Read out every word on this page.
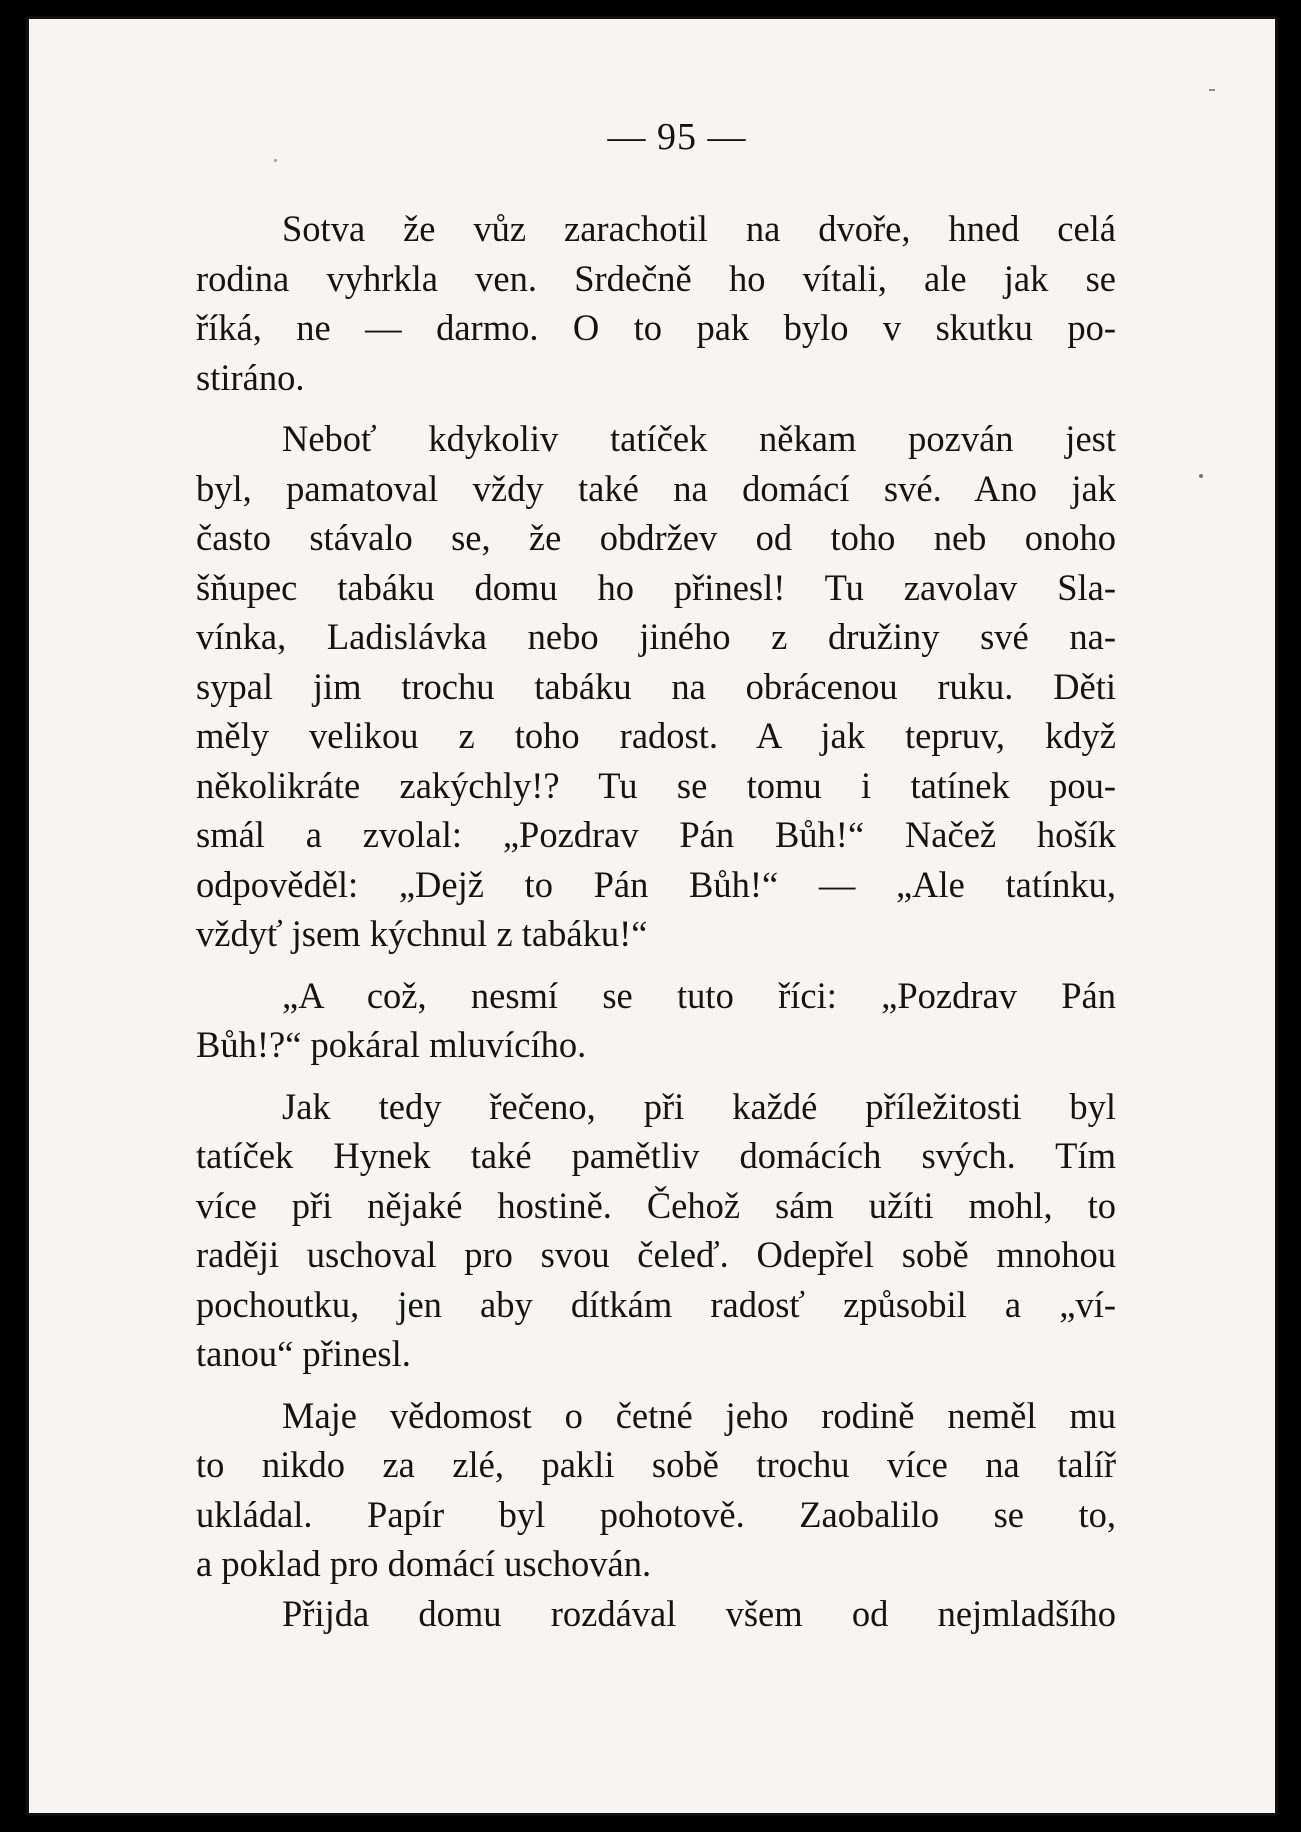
— 95 —

Sotva že vůz zarachotil na dvoře, hned celá
rodina vyhrkla ven. Srdečně ho vítali, ale jak se
říká, ne — darmo. O to pak bylo v skutku po-
stiráno.

Neboť kdykoliv tatíček někam pozván jest
byl, pamatoval vždy také na domácí své. Ano jak
často stávalo se, že obdržev od toho neb onoho
šňupec tabáku domu ho přinesl! Tu zavolav Sla-
vínka, Ladislávka nebo jiného z družiny své na-
sypal jim trochu tabáku na obrácenou ruku. Děti
měly velikou z toho radost. A jak tepruv, když
několikráte zakýchly!? Tu se tomu i tatínek pou-
smál a zvolal: „Pozdrav Pán Bůh!“ Načež hošík
odpověděl: „Dejž to Pán Bůh!“ — „Ale tatínku,
vždyť jsem kýchnul z tabáku!“

„A což, nesmí se tuto říci: „Pozdrav Pán
Bůh!?“ pokáral mluvícího.

Jak tedy řečeno, při každé příležitosti byl
tatíček Hynek také pamětliv domácích svých. Tím
více při nějaké hostině. Čehož sám užíti mohl, to
raději uschoval pro svou čeleď. Odepřel sobě mnohou
pochoutku, jen aby dítkám radosť způsobil a „ví-
tanou“ přinesl.

Maje vědomost o četné jeho rodině neměl mu
to nikdo za zlé, pakli sobě trochu více na talíř
ukládal. Papír byl pohotově. Zaobalilo se to,
a poklad pro domácí uschován.

Přijda domu rozdával všem od nejmladšího
